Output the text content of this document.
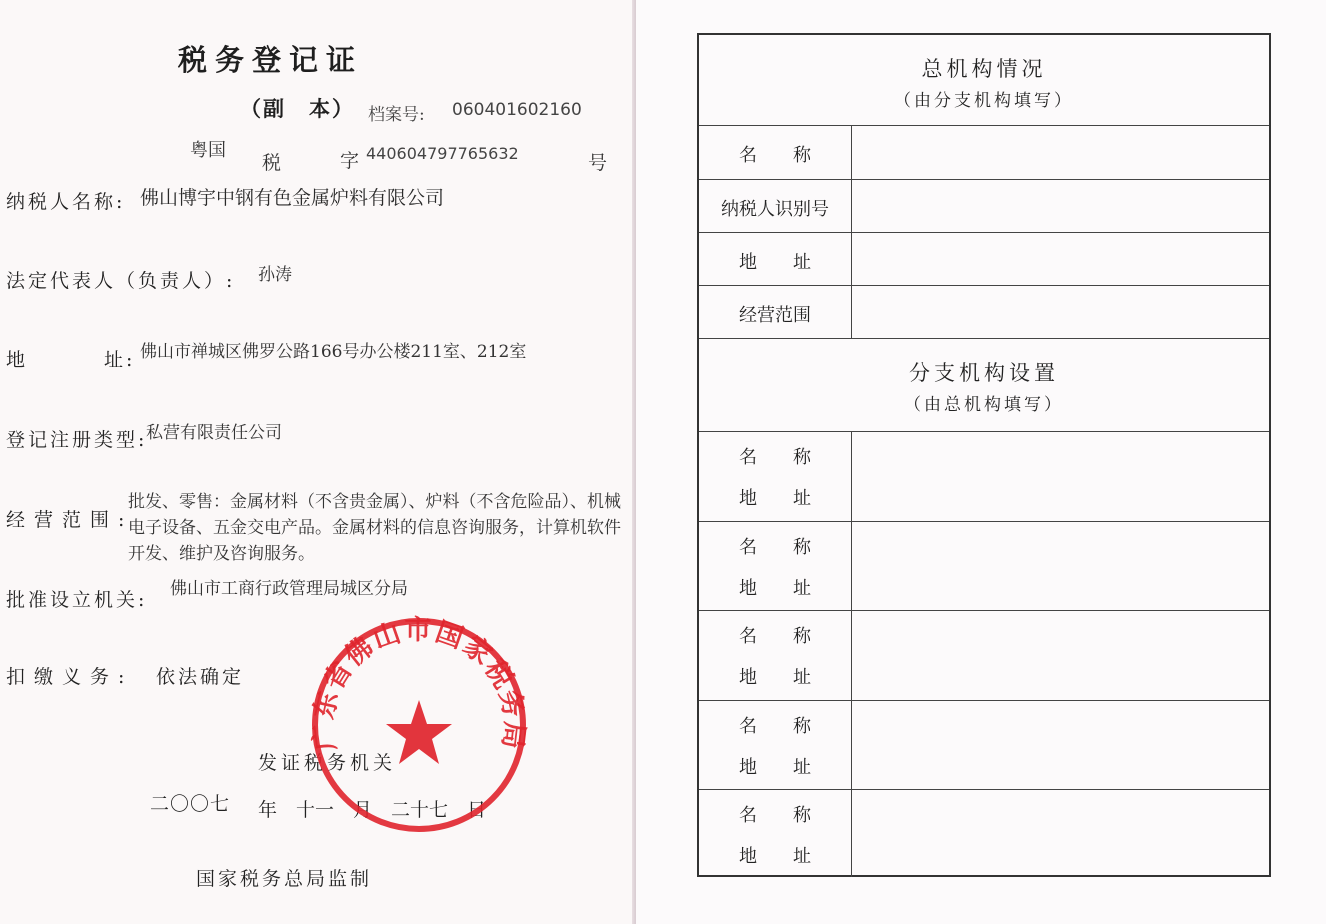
税务登记证
（副　本） 档案号: 060401602160
粤国
税	字 440604797765632	号
纳税人名称: 佛山博宇中钢有色金属炉料有限公司
法定代表人（负责人）: 孙涛
地	址: 佛山市禅城区佛罗公路166号办公楼211室、212室
登记注册类型:
私营有限责任公司
经营范围:
批发、零售：金属材料（不含贵金属）、炉料（不含危险品）、机械电子设备、五金交电产品。金属材料的信息咨询服务，计算机软件开发、维护及咨询服务。
批准设立机关: 佛山市工商行政管理局城区分局
扣缴义务: 依法确定
发证税务机关
二〇〇七 年　十一　月　二十七　日
国家税务总局监制
广东省佛山市国家税务局
总机构情况
（由分支机构填写）
名　　称
纳税人识别号
地　　址
经营范围
分支机构设置
（由总机构填写）
名　　称
地　　址
名　　称
地　　址
名　　称
地　　址
名　　称
地　　址
名　　称
地　　址
